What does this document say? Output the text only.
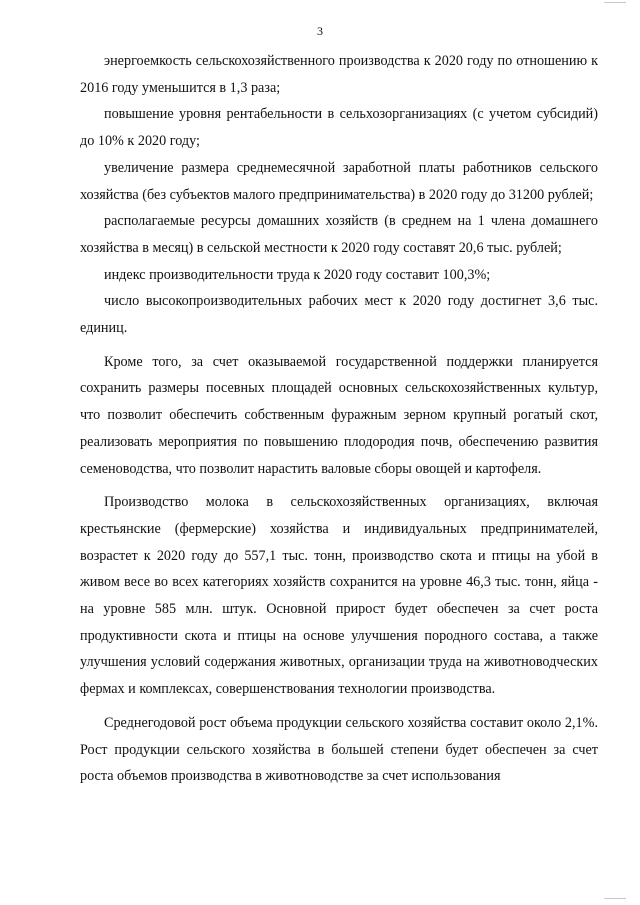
3

энергоемкость сельскохозяйственного производства к 2020 году по отношению к 2016 году уменьшится в 1,3 раза;

повышение уровня рентабельности в сельхозорганизациях (с учетом субсидий) до 10% к 2020 году;

увеличение размера среднемесячной заработной платы работников сельского хозяйства (без субъектов малого предпринимательства) в 2020 году до 31200 рублей;

располагаемые ресурсы домашних хозяйств (в среднем на 1 члена домашнего хозяйства в месяц) в сельской местности к 2020 году составят 20,6 тыс. рублей;

индекс производительности труда к 2020 году составит 100,3%;

число высокопроизводительных рабочих мест к 2020 году достигнет 3,6 тыс. единиц.

Кроме того, за счет оказываемой государственной поддержки планируется сохранить размеры посевных площадей основных сельскохозяйственных культур, что позволит обеспечить собственным фуражным зерном крупный рогатый скот, реализовать мероприятия по повышению плодородия почв, обеспечению развития семеноводства, что позволит нарастить валовые сборы овощей и картофеля.

Производство молока в сельскохозяйственных организациях, включая крестьянские (фермерские) хозяйства и индивидуальных предпринимателей, возрастет к 2020 году до 557,1 тыс. тонн, производство скота и птицы на убой в живом весе во всех категориях хозяйств сохранится на уровне 46,3 тыс. тонн, яйца - на уровне 585 млн. штук. Основной прирост будет обеспечен за счет роста продуктивности скота и птицы на основе улучшения породного состава, а также улучшения условий содержания животных, организации труда на животноводческих фермах и комплексах, совершенствования технологии производства.

Среднегодовой рост объема продукции сельского хозяйства составит около 2,1%. Рост продукции сельского хозяйства в большей степени будет обеспечен за счет роста объемов производства в животноводстве за счет использования
